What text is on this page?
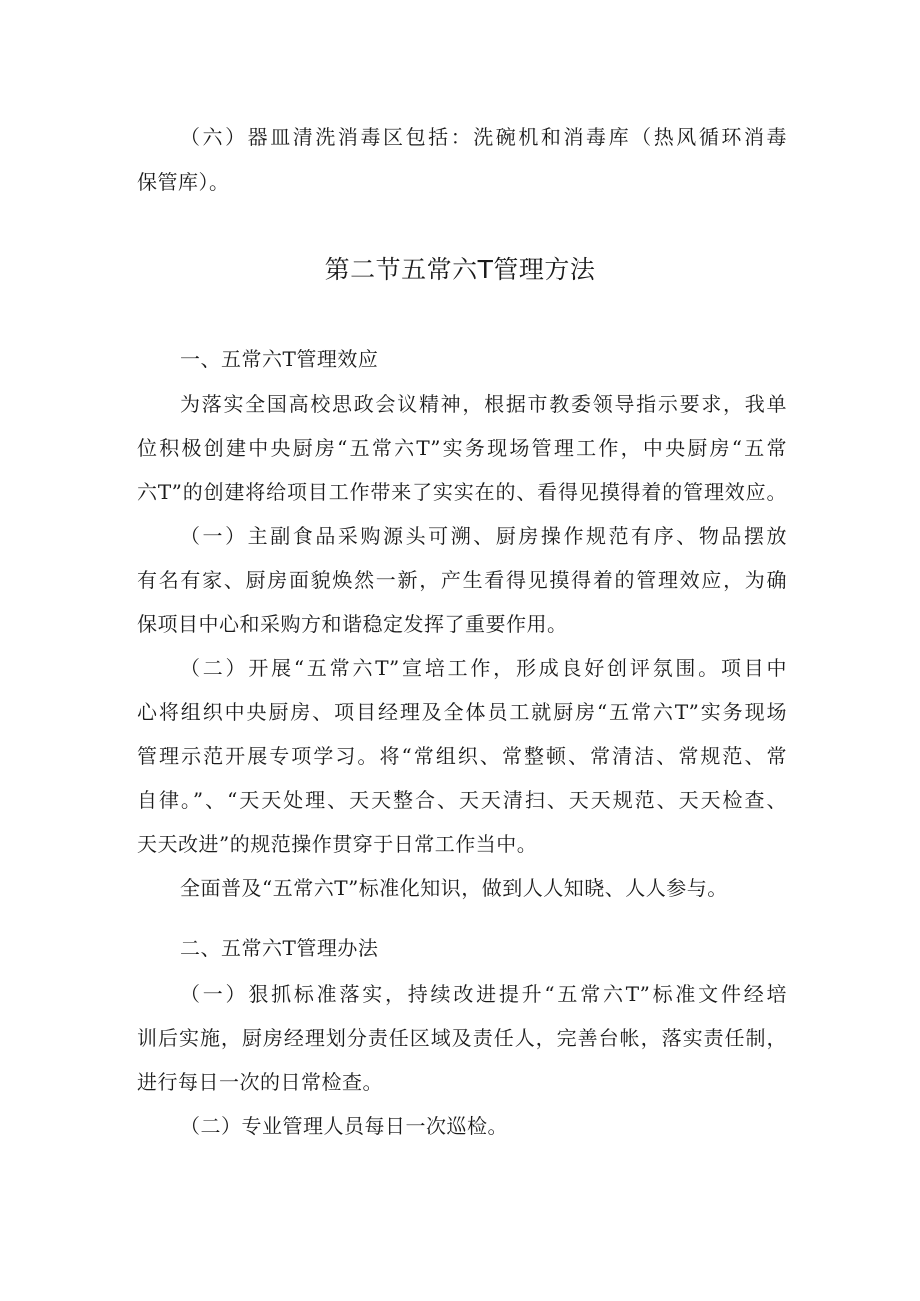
（六）器皿清洗消毒区包括：洗碗机和消毒库（热风循环消毒
保管库）。
第二节五常六T管理方法
一、五常六T管理效应
为落实全国高校思政会议精神，根据市教委领导指示要求，我单
位积极创建中央厨房“五常六T”实务现场管理工作，中央厨房“五常
六T”的创建将给项目工作带来了实实在的、看得见摸得着的管理效应。
（一）主副食品采购源头可溯、厨房操作规范有序、物品摆放
有名有家、厨房面貌焕然一新，产生看得见摸得着的管理效应，为确
保项目中心和采购方和谐稳定发挥了重要作用。
（二）开展“五常六T”宣培工作，形成良好创评氛围。项目中
心将组织中央厨房、项目经理及全体员工就厨房“五常六T”实务现场
管理示范开展专项学习。将“常组织、常整顿、常清洁、常规范、常
自律。”、“天天处理、天天整合、天天清扫、天天规范、天天检查、
天天改进”的规范操作贯穿于日常工作当中。
全面普及“五常六T”标准化知识，做到人人知晓、人人参与。
二、五常六T管理办法
（一）狠抓标准落实，持续改进提升“五常六T”标准文件经培
训后实施，厨房经理划分责任区域及责任人，完善台帐，落实责任制，
进行每日一次的日常检查。
（二）专业管理人员每日一次巡检。
